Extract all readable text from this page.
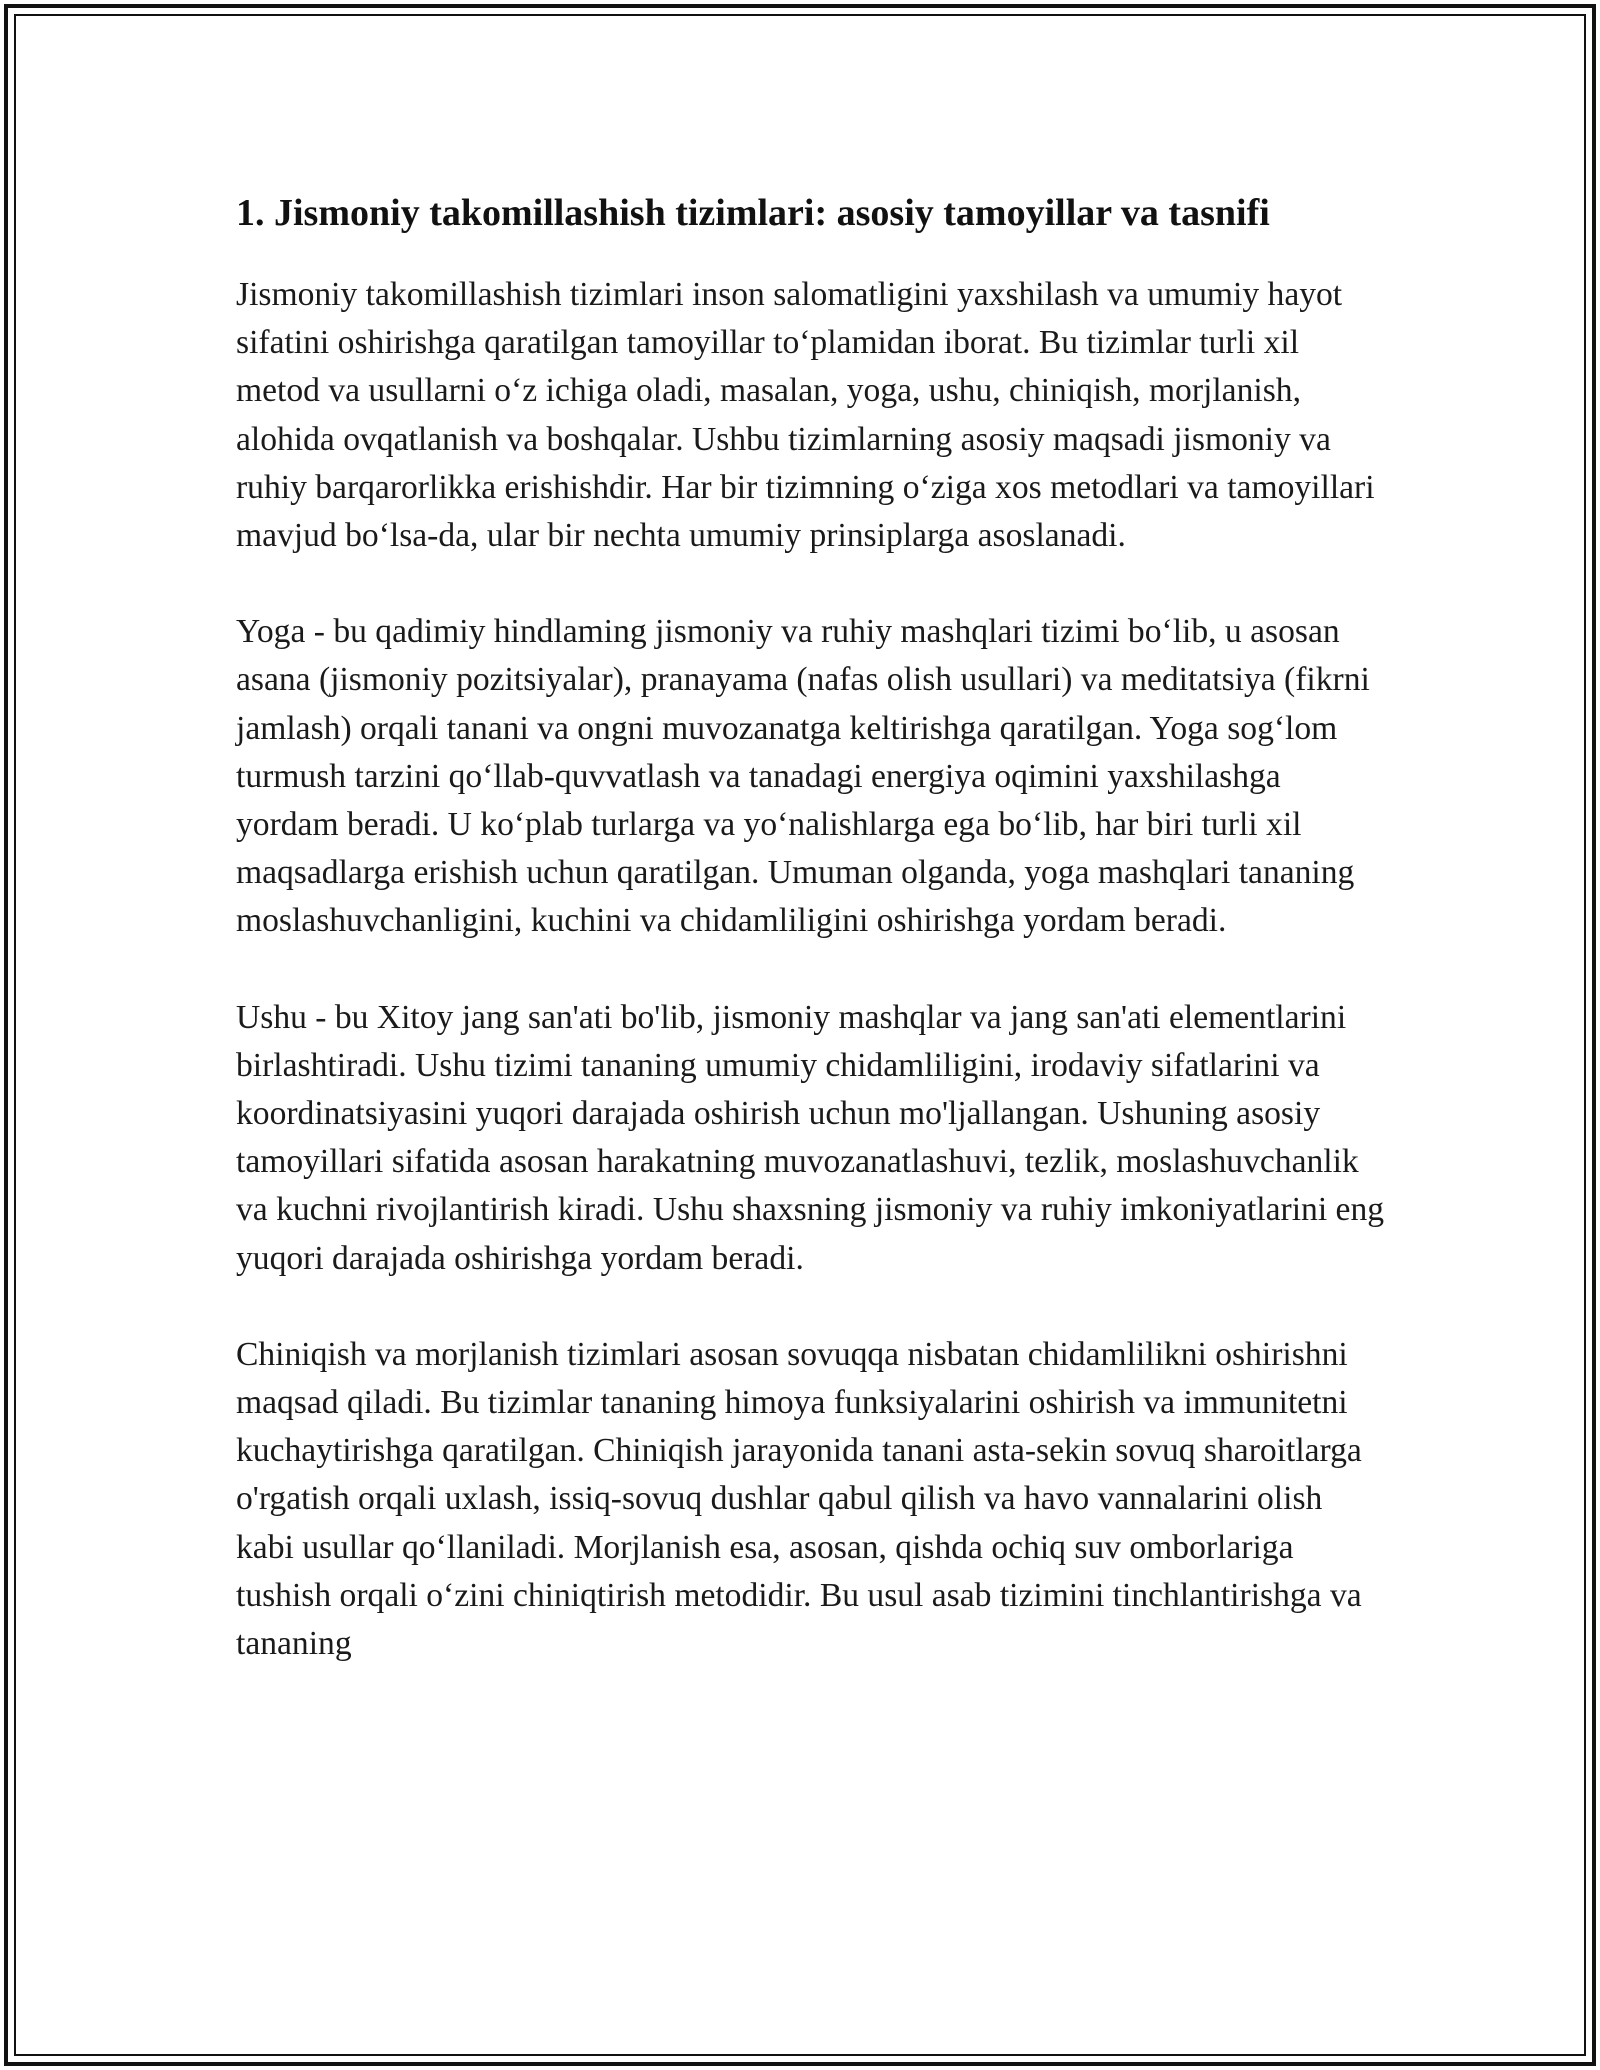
1. Jismoniy takomillashish tizimlari: asosiy tamoyillar va tasnifi

Jismoniy takomillashish tizimlari inson salomatligini yaxshilash va umumiy hayot sifatini oshirishga qaratilgan tamoyillar to‘plamidan iborat. Bu tizimlar turli xil metod va usullarni o‘z ichiga oladi, masalan, yoga, ushu, chiniqish, morjlanish, alohida ovqatlanish va boshqalar. Ushbu tizimlarning asosiy maqsadi jismoniy va ruhiy barqarorlikka erishishdir. Har bir tizimning o‘ziga xos metodlari va tamoyillari mavjud bo‘lsa-da, ular bir nechta umumiy prinsiplarga asoslanadi.

Yoga - bu qadimiy hindlaming jismoniy va ruhiy mashqlari tizimi bo‘lib, u asosan asana (jismoniy pozitsiyalar), pranayama (nafas olish usullari) va meditatsiya (fikrni jamlash) orqali tanani va ongni muvozanatga keltirishga qaratilgan. Yoga sog‘lom turmush tarzini qo‘llab-quvvatlash va tanadagi energiya oqimini yaxshilashga yordam beradi. U ko‘plab turlarga va yo‘nalishlarga ega bo‘lib, har biri turli xil maqsadlarga erishish uchun qaratilgan. Umuman olganda, yoga mashqlari tananing moslashuvchanligini, kuchini va chidamliligini oshirishga yordam beradi.

Ushu - bu Xitoy jang san'ati bo'lib, jismoniy mashqlar va jang san'ati elementlarini birlashtiradi. Ushu tizimi tananing umumiy chidamliligini, irodaviy sifatlarini va koordinatsiyasini yuqori darajada oshirish uchun mo'ljallangan. Ushuning asosiy tamoyillari sifatida asosan harakatning muvozanatlashuvi, tezlik, moslashuvchanlik va kuchni rivojlantirish kiradi. Ushu shaxsning jismoniy va ruhiy imkoniyatlarini eng yuqori darajada oshirishga yordam beradi.

Chiniqish va morjlanish tizimlari asosan sovuqqa nisbatan chidamlilikni oshirishni maqsad qiladi. Bu tizimlar tananing himoya funksiyalarini oshirish va immunitetni kuchaytirishga qaratilgan. Chiniqish jarayonida tanani asta-sekin sovuq sharoitlarga o'rgatish orqali uxlash, issiq-sovuq dushlar qabul qilish va havo vannalarini olish kabi usullar qo‘llaniladi. Morjlanish esa, asosan, qishda ochiq suv omborlariga tushish orqali o‘zini chiniqtirish metodidir. Bu usul asab tizimini tinchlantirishga va tananing
